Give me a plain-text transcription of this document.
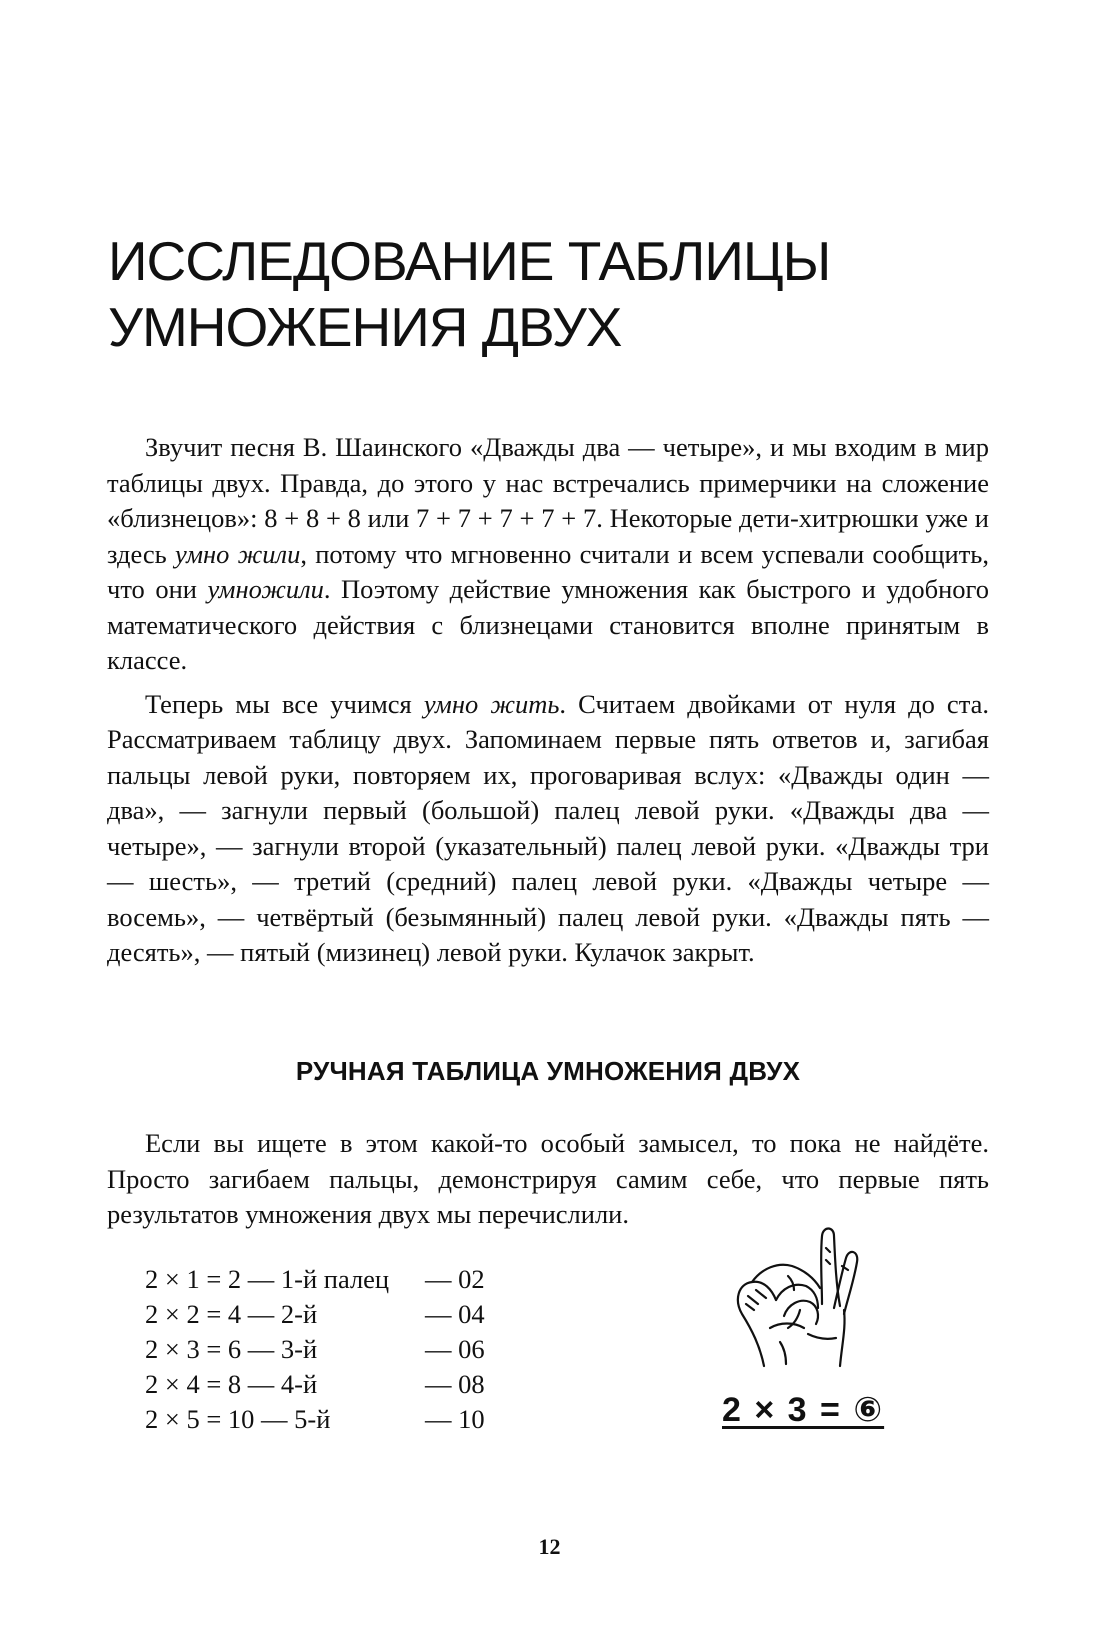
ИССЛЕДОВАНИЕ ТАБЛИЦЫ
УМНОЖЕНИЯ ДВУХ

Звучит песня В. Шаинского «Дважды два — четыре», и мы входим в мир таблицы двух. Правда, до этого у нас встречались примерчики на сложение «близнецов»: 8 + 8 + 8 или 7 + 7 + 7 + 7 + 7. Некоторые дети-хитрюшки уже и здесь умно жили, потому что мгновенно считали и всем успевали сообщить, что они умножили. Поэтому действие умножения как быстрого и удобного математического действия с близнецами становится вполне принятым в классе.

Теперь мы все учимся умно жить. Считаем двойками от нуля до ста. Рассматриваем таблицу двух. Запоминаем первые пять ответов и, загибая пальцы левой руки, повторяем их, проговаривая вслух: «Дважды один — два», — загнули первый (большой) палец левой руки. «Дважды два — четыре», — загнули второй (указательный) палец левой руки. «Дважды три — шесть», — третий (средний) палец левой руки. «Дважды четыре — восемь», — четвёртый (безымянный) палец левой руки. «Дважды пять — десять», — пятый (мизинец) левой руки. Кулачок закрыт.

РУЧНАЯ ТАБЛИЦА УМНОЖЕНИЯ ДВУХ

Если вы ищете в этом какой-то особый замысел, то пока не найдёте. Просто загибаем пальцы, демонстрируя самим себе, что первые пять результатов умножения двух мы перечислили.

2 × 1 = 2 — 1-й палец	— 02
2 × 2 = 4 — 2-й	— 04
2 × 3 = 6 — 3-й	— 06
2 × 4 = 8 — 4-й	— 08
2 × 5 = 10 — 5-й	— 10	2 × 3 = ⑥
12
